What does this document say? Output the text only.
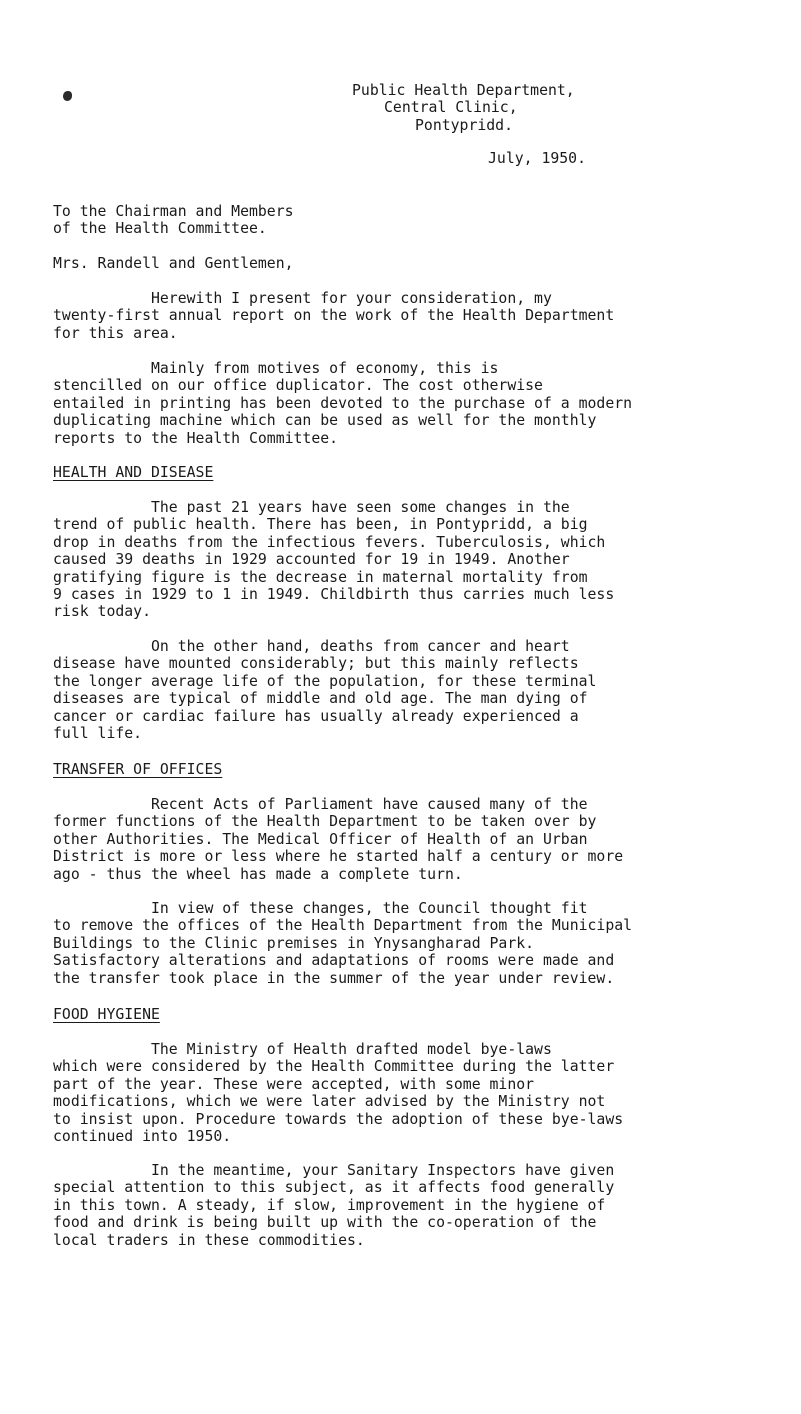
Public Health Department,
Central Clinic,
Pontypridd.
July, 1950.
To the Chairman and Members
of the Health Committee.
Mrs. Randell and Gentlemen,
Herewith I present for your consideration, my
twenty-first annual report on the work of the Health Department
for this area.
Mainly from motives of economy, this is
stencilled on our office duplicator. The cost otherwise
entailed in printing has been devoted to the purchase of a modern
duplicating machine which can be used as well for the monthly
reports to the Health Committee.
HEALTH AND DISEASE
The past 21 years have seen some changes in the
trend of public health. There has been, in Pontypridd, a big
drop in deaths from the infectious fevers. Tuberculosis, which
caused 39 deaths in 1929 accounted for 19 in 1949. Another
gratifying figure is the decrease in maternal mortality from
9 cases in 1929 to 1 in 1949. Childbirth thus carries much less
risk today.
On the other hand, deaths from cancer and heart
disease have mounted considerably; but this mainly reflects
the longer average life of the population, for these terminal
diseases are typical of middle and old age. The man dying of
cancer or cardiac failure has usually already experienced a
full life.
TRANSFER OF OFFICES
Recent Acts of Parliament have caused many of the
former functions of the Health Department to be taken over by
other Authorities. The Medical Officer of Health of an Urban
District is more or less where he started half a century or more
ago - thus the wheel has made a complete turn.
In view of these changes, the Council thought fit
to remove the offices of the Health Department from the Municipal
Buildings to the Clinic premises in Ynysangharad Park.
Satisfactory alterations and adaptations of rooms were made and
the transfer took place in the summer of the year under review.
FOOD HYGIENE
The Ministry of Health drafted model bye-laws
which were considered by the Health Committee during the latter
part of the year. These were accepted, with some minor
modifications, which we were later advised by the Ministry not
to insist upon. Procedure towards the adoption of these bye-laws
continued into 1950.
In the meantime, your Sanitary Inspectors have given
special attention to this subject, as it affects food generally
in this town. A steady, if slow, improvement in the hygiene of
food and drink is being built up with the co-operation of the
local traders in these commodities.
